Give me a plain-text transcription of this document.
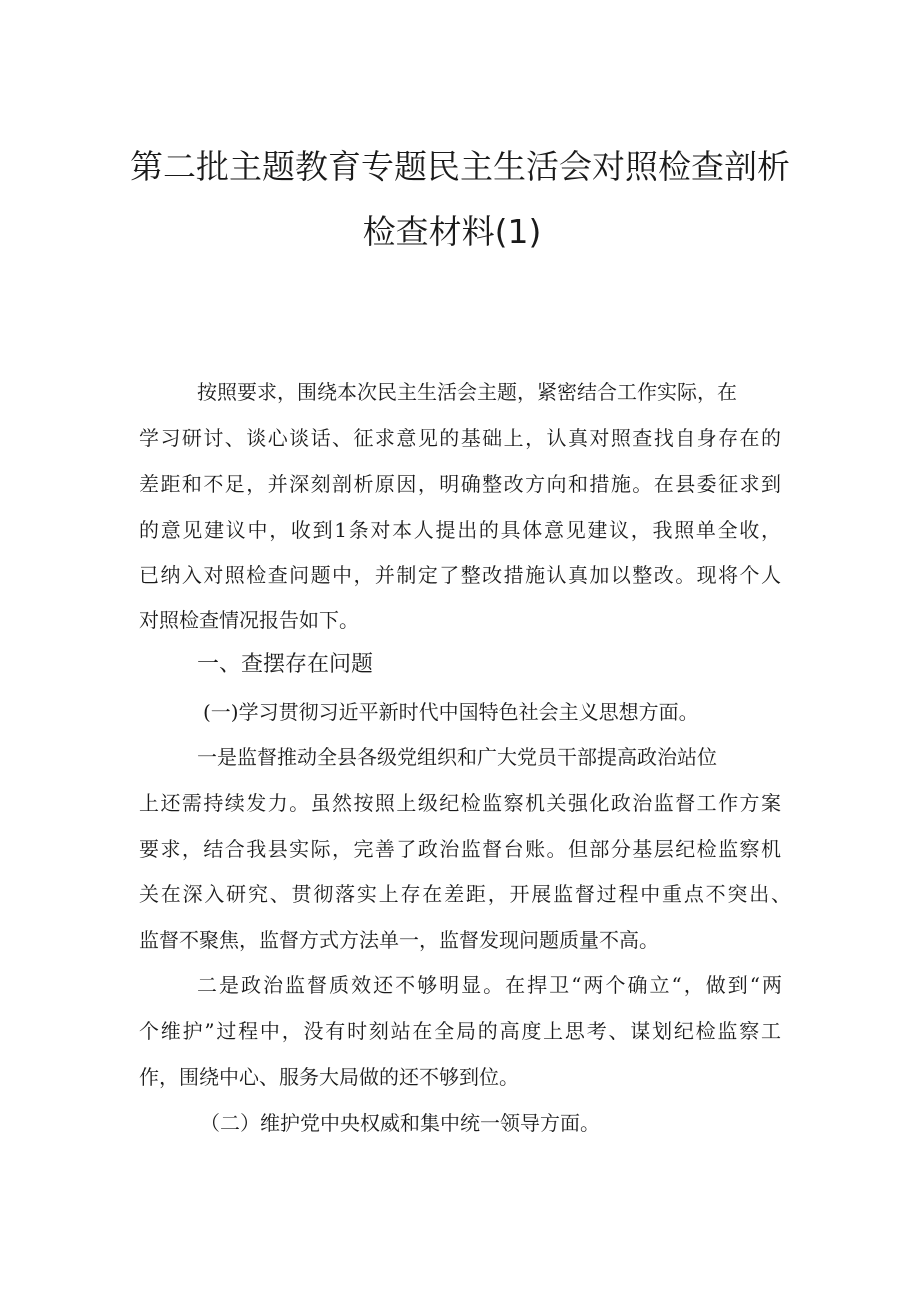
第二批主题教育专题民主生活会对照检查剖析
检查材料(1)
按照要求，围绕本次民主生活会主题，紧密结合工作实际，在
学习研讨、谈心谈话、征求意见的基础上，认真对照查找自身存在的
差距和不足，并深刻剖析原因，明确整改方向和措施。在县委征求到
的意见建议中，收到1条对本人提出的具体意见建议，我照单全收，
已纳入对照检查问题中，并制定了整改措施认真加以整改。现将个人
对照检查情况报告如下。
一、查摆存在问题
(一)学习贯彻习近平新时代中国特色社会主义思想方面。
一是监督推动全县各级党组织和广大党员干部提高政治站位
上还需持续发力。虽然按照上级纪检监察机关强化政治监督工作方案
要求，结合我县实际，完善了政治监督台账。但部分基层纪检监察机
关在深入研究、贯彻落实上存在差距，开展监督过程中重点不突出、
监督不聚焦，监督方式方法单一，监督发现问题质量不高。
二是政治监督质效还不够明显。在捍卫“两个确立“，做到“两
个维护”过程中，没有时刻站在全局的高度上思考、谋划纪检监察工
作，围绕中心、服务大局做的还不够到位。
（二）维护党中央权威和集中统一领导方面。
